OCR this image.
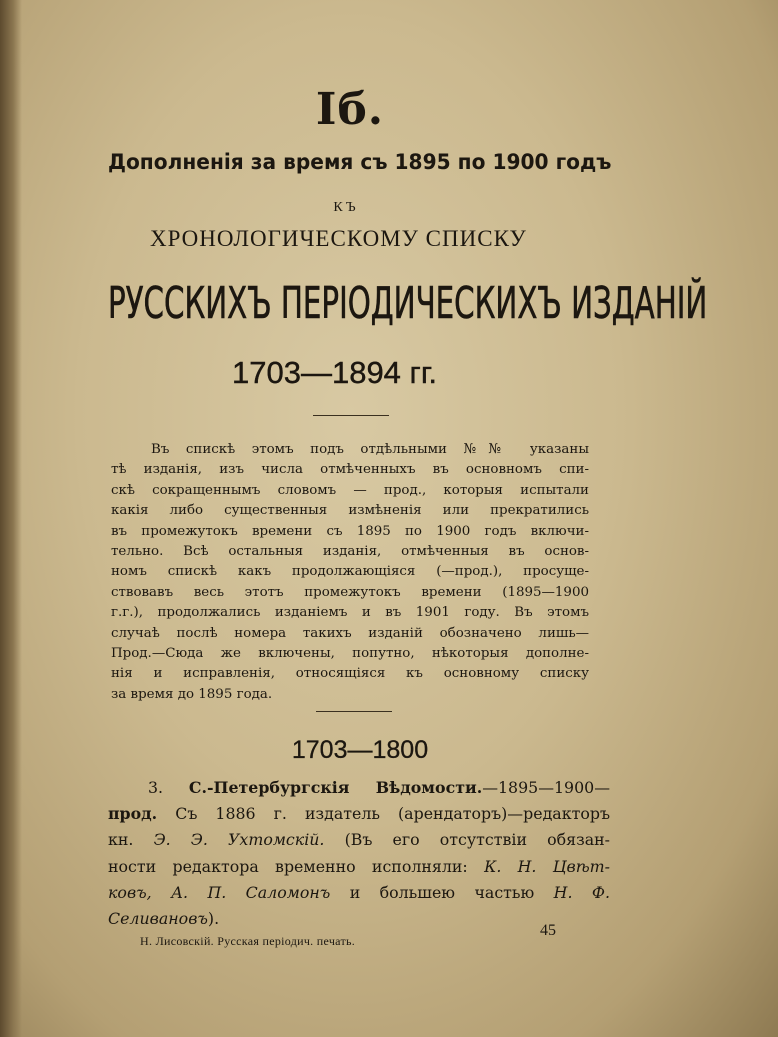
Іб.
Дополненія за время съ 1895 по 1900 годъ
КЪ
ХРОНОЛОГИЧЕСКОМУ СПИСКУ
РУССКИХЪ ПЕРІОДИЧЕСКИХЪ ИЗДАНІЙ
1703—1894 гг.
Въ спискѣ этомъ подъ отдѣльными №№ указаны
тѣ изданія, изъ числа отмѣченныхъ въ основномъ спи-
скѣ сокращеннымъ словомъ — прод., которыя испытали
какія либо существенныя измѣненія или прекратились
въ промежутокъ времени съ 1895 по 1900 годъ включи-
тельно. Всѣ остальныя изданія, отмѣченныя въ основ-
номъ спискѣ какъ продолжающіяся (—прод.), просуще-
ствовавъ весь этотъ промежутокъ времени (1895—1900
г.г.), продолжались изданіемъ и въ 1901 году. Въ этомъ
случаѣ послѣ номера такихъ изданій обозначено лишь—
Прод.—Сюда же включены, попутно, нѣкоторыя дополне-
нія и исправленія, относящіяся къ основному списку
за время до 1895 года.
1703—1800
3. С.-Петербургскія Вѣдомости.—1895—1900—
прод. Съ 1886 г. издатель (арендаторъ)—редакторъ
кн. Э. Э. Ухтомскій. (Въ его отсутствіи обязан-
ности редактора временно исполняли: К. Н. Цвѣт-
ковъ, А. П. Саломонъ и большею частью Н. Ф.
Селивановъ).
Н. Лисовскій. Русская періодич. печать.
45
